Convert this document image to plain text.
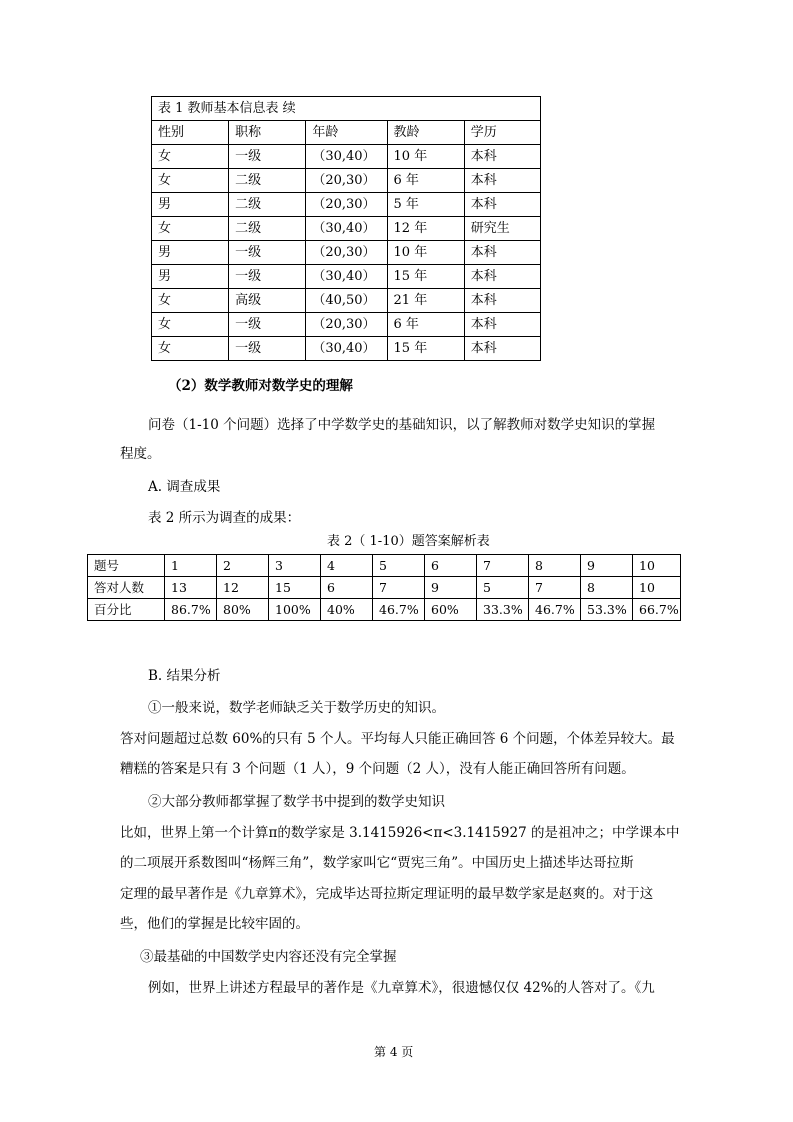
表 1 教师基本信息表 续				
性别	职称	年龄	教龄	学历
女	一级	（30,40）	10 年	本科
女	二级	（20,30）	6 年	本科
男	二级	（20,30）	5 年	本科
女	二级	（30,40）	12 年	研究生
男	一级	（20,30）	10 年	本科
男	一级	（30,40）	15 年	本科
女	高级	（40,50）	21 年	本科
女	一级	（20,30）	6 年	本科
女	一级	（30,40）	15 年	本科
（2）数学教师对数学史的理解
问卷（1-10 个问题）选择了中学数学史的基础知识，以了解教师对数学史知识的掌握
程度。
A. 调查成果
表 2 所示为调查的成果：
表 2（ 1-10）题答案解析表
题号	1	2	3	4	5	6	7	8	9	10
答对人数	13	12	15	6	7	9	5	7	8	10
百分比	86.7%	80%	100%	40%	46.7%	60%	33.3%	46.7%	53.3%	66.7%
B. 结果分析
①一般来说，数学老师缺乏关于数学历史的知识。
答对问题超过总数 60%的只有 5 个人。平均每人只能正确回答 6 个问题，个体差异较大。最
糟糕的答案是只有 3 个问题（1 人），9 个问题（2 人），没有人能正确回答所有问题。
②大部分教师都掌握了数学书中提到的数学史知识
比如，世界上第一个计算π的数学家是 3.1415926<π<3.1415927 的是祖冲之；中学课本中
的二项展开系数图叫“杨辉三角”，数学家叫它“贾宪三角”。中国历史上描述毕达哥拉斯
定理的最早著作是《九章算术》，完成毕达哥拉斯定理证明的最早数学家是赵爽的。对于这
些，他们的掌握是比较牢固的。
③最基础的中国数学史内容还没有完全掌握
例如，世界上讲述方程最早的著作是《九章算术》，很遗憾仅仅 42%的人答对了。《九
第 4 页
